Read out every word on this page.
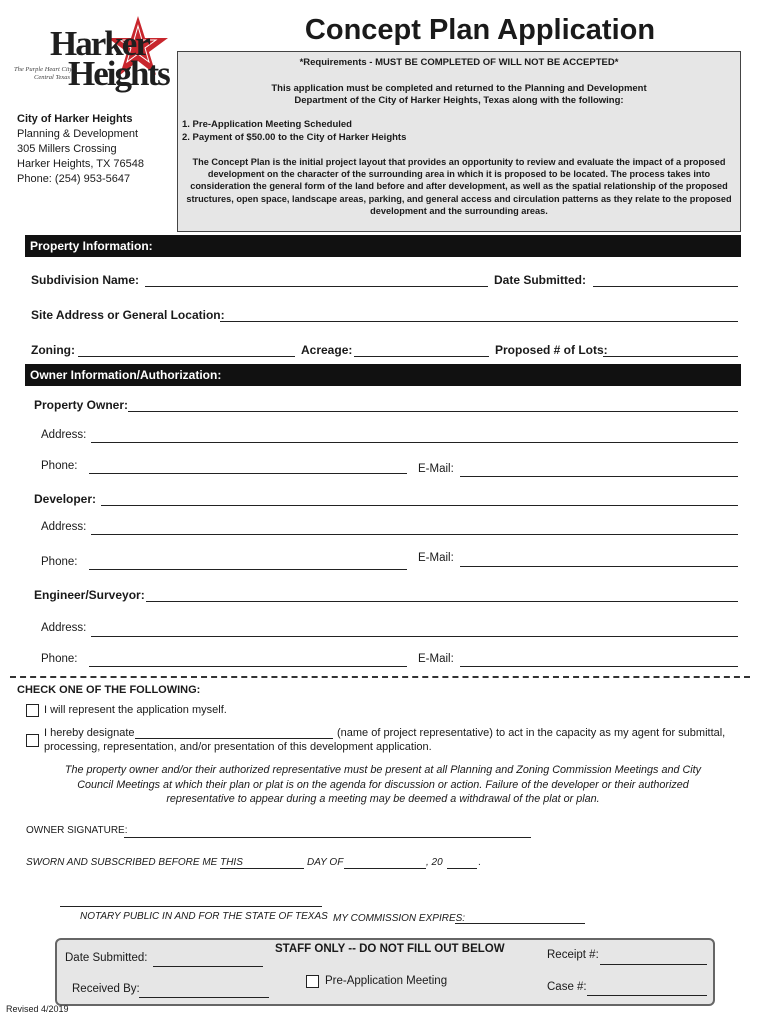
Harker
Heights
The Purple Heart City
Central Texas
Concept Plan Application
City of Harker Heights
Planning & Development
305 Millers Crossing
Harker Heights, TX 76548
Phone: (254) 953-5647
*Requirements - MUST BE COMPLETED OF WILL NOT BE ACCEPTED*
This application must be completed and returned to the Planning and Development
Department of the City of Harker Heights, Texas along with the following:
1. Pre-Application Meeting Scheduled
2. Payment of $50.00 to the City of Harker Heights
The Concept Plan is the initial project layout that provides an opportunity to review and evaluate the impact of a proposed
development on the character of the surrounding area in which it is proposed to be located. The process takes into
consideration the general form of the land before and after development, as well as the spatial relationship of the proposed
structures, open space, landscape areas, parking, and general access and circulation patterns as they relate to the proposed
development and the surrounding areas.
Property Information:
Subdivision Name:	Date Submitted:
Site Address or General Location:
Zoning:	Acreage:	Proposed # of Lots:
Owner Information/Authorization:
Property Owner:
Address:
Phone:	E-Mail:
Developer:
Address:
Phone:	E-Mail:
Engineer/Surveyor:
Address:
Phone:	E-Mail:
CHECK ONE OF THE FOLLOWING:
I will represent the application myself.
I hereby designate	(name of project representative) to act in the capacity as my agent for submittal,
processing, representation, and/or presentation of this development application.
The property owner and/or their authorized representative must be present at all Planning and Zoning Commission Meetings and City
Council Meetings at which their plan or plat is on the agenda for discussion or action. Failure of the developer or their authorized
representative to appear during a meeting may be deemed a withdrawal of the plat or plan.
OWNER SIGNATURE:
SWORN AND SUBSCRIBED BEFORE ME THIS	DAY OF	, 20	.
NOTARY PUBLIC IN AND FOR THE STATE OF TEXAS MY COMMISSION EXPIRES:
STAFF ONLY -- DO NOT FILL OUT BELOW
Date Submitted:
Received By:
Pre-Application Meeting
Receipt #:
Case #:
Revised 4/2019
